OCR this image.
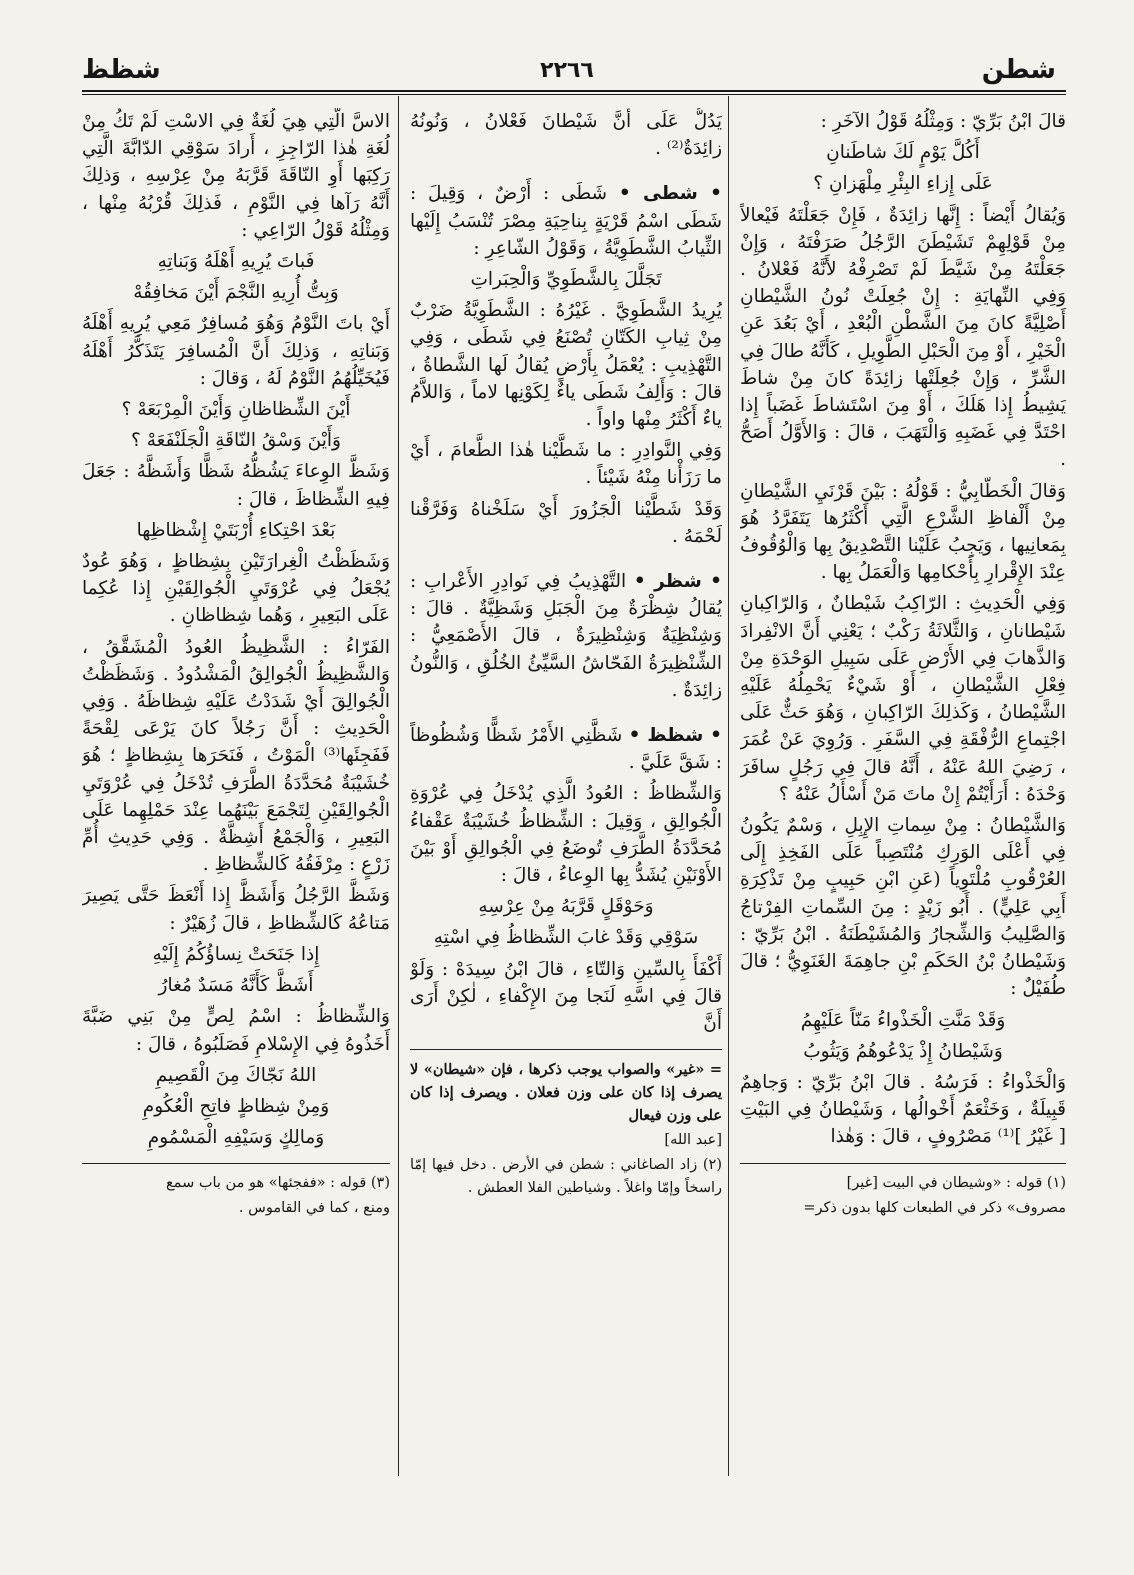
شطن
٢٢٦٦
شظظ

قالَ ابْنُ بَرِّيّ : وَمِثْلُهُ قَوْلُ الآخَرِ :

أَكُلَّ يَوْمٍ لَكَ شاطَنانِ

عَلَى إِزاءِ البِئْرِ مِلْهَزانِ ؟

وَيُقالُ أَيْضاً : إِنَّها زائِدَةٌ ، فَإِنْ جَعَلْتَهُ فَيْعالاً مِنْ قَوْلِهِمْ تَشَيْطَنَ الرَّجُلُ صَرَفْتَهُ ، وَإِنْ جَعَلْتَهُ مِنْ شَيَّطَ لَمْ تَصْرِفْهُ لأَنَّهُ فَعْلانُ . وَفِي النِّهايَةِ : إِنْ جُعِلَتْ نُونُ الشَّيْطانِ أَصْلِيَّةً كانَ مِنَ الشَّطْنِ الْبُعْدِ ، أَيْ بَعُدَ عَنِ الْخَيْرِ ، أَوْ مِنَ الْحَبْلِ الطَّوِيلِ ، كَأَنَّهُ طالَ فِي الشَّرِّ ، وَإِنْ جُعِلَتْها زائِدَةً كانَ مِنْ شاطَ يَشِيطُ إِذا هَلَكَ ، أَوْ مِنَ اسْتَشاطَ غَضَباً إِذا احْتَدَّ فِي غَضَبِهِ وَالْتَهَبَ ، قالَ : وَالأَوَّلُ أَصَحُّ .

وَقالَ الْخَطّابِيُّ : قَوْلُهُ : بَيْنَ قَرْنَيِ الشَّيْطانِ مِنْ أَلْفاظِ الشَّرْعِ الَّتِي أَكْثَرُها يَتَفَرَّدُ هُوَ بِمَعانِيها ، وَيَجِبُ عَلَيْنا التَّصْدِيقُ بِها وَالْوُقُوفُ عِنْدَ الإِقْرارِ بِأَحْكامِها وَالْعَمَلُ بِها .

وَفِي الْحَدِيثِ : الرّاكِبُ شَيْطانٌ ، وَالرّاكِبانِ شَيْطانانِ ، وَالثَّلاثَةُ رَكْبٌ ؛ يَعْنِي أَنَّ الانْفِرادَ وَالذَّهابَ فِي الأَرْضِ عَلَى سَبِيلِ الوَحْدَةِ مِنْ فِعْلِ الشَّيْطانِ ، أَوْ شَيْءٌ يَحْمِلُهُ عَلَيْهِ الشَّيْطانُ ، وَكَذلِكَ الرّاكِبانِ ، وَهُوَ حَثٌّ عَلَى اجْتِماعِ الرُّفْقَةِ فِي السَّفَرِ . وَرُوِيَ عَنْ عُمَرَ ، رَضِيَ اللهُ عَنْهُ ، أَنَّهُ قالَ فِي رَجُلٍ سافَرَ وَحْدَهُ : أَرَأَيْتُمْ إِنْ ماتَ مَنْ أَسْأَلُ عَنْهُ ؟

وَالشَّيْطانُ : مِنْ سِماتِ الإِبِلِ ، وَسْمٌ يَكُونُ فِي أَعْلَى الوَرِكِ مُنْتَصِباً عَلَى الفَخِذِ إِلَى العُرْقُوبِ مُلْتَوِياً (عَنِ ابْنِ حَبِيبٍ مِنْ تَذْكِرَةِ أَبِي عَلِيٍّ) . أَبُو زَيْدٍ : مِنَ السِّماتِ الفِرْتاجُ وَالصَّلِيبُ وَالشِّجارُ وَالمُشَيْطَنَةُ . ابْنُ بَرِّيّ : وَشَيْطانُ بْنُ الحَكَمِ بْنِ جاهِمَةَ الغَنَوِيُّ ؛ قالَ طُفَيْلٌ :

وَقَدْ مَنَّتِ الْخَذْواءُ مَنّاً عَلَيْهِمُ

وَشَيْطانُ إِذْ يَدْعُوهُمُ وَيَثُوبُ

وَالْخَذْواءُ : فَرَسُهُ . قالَ ابْنُ بَرِّيّ : وَجاهِمٌ قَبِيلَةٌ ، وَخَثْعَمٌ أَخْوالُها ، وَشَيْطانُ فِي البَيْتِ [ غَيْرُ ]⁽¹⁾ مَصْرُوفٍ ، قالَ : وَهٰذا

(١) قوله : «وشيطان في البيت [غير]

مصروف» ذكر في الطبعات كلها بدون ذكر=

يَدُلُّ عَلَى أَنَّ شَيْطانَ فَعْلانُ ، وَنُونُهُ زائِدَةٌ⁽²⁾ .

• شطى • شَطَى : أَرْضٌ ، وَقِيلَ : شَطَى اسْمُ قَرْيَةٍ بِناحِيَةِ مِصْرَ تُنْسَبُ إِلَيْها الثِّيابُ الشَّطَوِيَّةُ ، وَقَوْلُ الشّاعِرِ :

تَجَلَّلَ بِالشَّطَوِيِّ وَالْحِبَراتِ

يُرِيدُ الشَّطَوِيَّ . غَيْرُهُ : الشَّطَوِيَّةُ ضَرْبٌ مِنْ ثِيابِ الكَتّانِ تُصْنَعُ فِي شَطَى ، وَفِي التَّهْذِيبِ : يُعْمَلُ بِأَرْضٍ يُقالُ لَها الشَّطاةُ ، قالَ : وَأَلِفُ شَطَى ياءٌ لِكَوْنِها لاماً ، وَاللاَّمُ ياءٌ أَكْثَرُ مِنْها واواً .

وَفِي النَّوادِرِ : ما شَطَّيْنا هٰذا الطَّعامَ ، أَيْ ما رَزَأْنا مِنْهُ شَيْئاً .

وَقَدْ شَطَّيْنا الْجَزُورَ أَيْ سَلَخْناهُ وَفَرَّقْنا لَحْمَهُ .

• شظر • التَّهْذِيبُ فِي نَوادِرِ الأَعْرابِ : يُقالُ شِظْرَةٌ مِنَ الْجَبَلِ وَشَظِيَّةٌ . قالَ : وَشِنْظِيَةٌ وَشِنْظِيرَةٌ ، قالَ الأَصْمَعِيُّ : الشِّنْظِيرَةُ الفَحّاشُ السَّيِّئُ الخُلُقِ ، وَالنُّونُ زائِدَةٌ .

• شظظ • شَظَّنِي الأَمْرُ شَظًّا وَشُظُوظاً : شَقَّ عَلَيَّ .

وَالشِّظاظُ : العُودُ الَّذِي يُدْخَلُ فِي عُرْوَةِ الْجُوالِقِ ، وَقِيلَ : الشِّظاظُ خُشَيْبَةٌ عَقْفاءُ مُحَدَّدَةُ الطَّرَفِ تُوضَعُ فِي الْجُوالِقِ أَوْ بَيْنَ الأَوْنَيْنِ يُشَدُّ بِها الوِعاءُ ، قالَ :

وَحَوْقَلٍ قَرَّبَهُ مِنْ عِرْسِهِ

سَوْقِي وَقَدْ غابَ الشِّظاظُ فِي اسْتِهِ

أَكْفَأَ بِالسِّينِ وَالتّاءِ ، قالَ ابْنُ سِيدَهْ : وَلَوْ قالَ فِي اسَّهِ لَنَجا مِنَ الإِكْفاءِ ، لٰكِنْ أَرَى أَنَّ

= «غير» والصواب يوجب ذكرها ، فإن «شيطان» لا يصرف إذا كان على وزن فعلان . ويصرف إذا كان على وزن فيعال

[عبد الله]

(٢) زاد الصاغاني : شطن في الأرض . دخل فيها إمّا راسخاً وإمّا واغلاً . وشياطين الفلا العطش .

الاسَّ الَّتِي هِيَ لُغَةٌ فِي الاسْتِ لَمْ تَكُ مِنْ لُغَةِ هٰذا الرّاجِزِ ، أَرادَ سَوْقِي الدّابَّةَ الَّتِي رَكِبَها أَوِ النّاقَةَ قَرَّبَهُ مِنْ عِرْسِهِ ، وَذلِكَ أَنَّهُ رَآها فِي النَّوْمِ ، فَذلِكَ قُرْبُهُ مِنْها ، وَمِثْلُهُ قَوْلُ الرّاعِي :

فَباتَ يُرِيهِ أَهْلَهُ وَبَناتِهِ

وَبِتُّ أُرِيهِ النَّجْمَ أَيْنَ مَخافِقُهْ

أَيْ باتَ النَّوْمُ وَهُوَ مُسافِرٌ مَعِي يُرِيهِ أَهْلَهُ وَبَناتِهِ ، وَذلِكَ أَنَّ الْمُسافِرَ يَتَذَكَّرُ أَهْلَهُ فَيُخَيِّلُهُمُ النَّوْمُ لَهُ ، وَقالَ :

أَيْنَ الشِّظاظانِ وَأَيْنَ الْمِرْبَعَهْ ؟

وَأَيْنَ وَسْقُ النّاقَةِ الْجَلَنْفَعَهْ ؟

وَشَظَّ الوِعاءَ يَشُظُّهُ شَظًّا وَأَشَظَّهُ : جَعَلَ فِيهِ الشِّظاظَ ، قالَ :

بَعْدَ احْتِكاءِ أُرْبَتَيْ إِشْظاظِها

وَشَظَظْتُ الْغِرارَتَيْنِ بِشِظاظٍ ، وَهُوَ عُودٌ يُجْعَلُ فِي عُرْوَتَيِ الْجُوالِقَيْنِ إِذا عُكِما عَلَى البَعِيرِ ، وَهُما شِظاظانِ .

الفَرّاءُ : الشَّظِيظُ العُودُ الْمُشَقَّقُ ، وَالشَّظِيظُ الْجُوالِقُ الْمَشْدُودُ . وَشَظَظْتُ الْجُوالِقَ أَيْ شَدَدْتُ عَلَيْهِ شِظاظَهُ . وَفِي الْحَدِيثِ : أَنَّ رَجُلاً كانَ يَرْعَى لِقْحَةً فَفَجِئَها⁽³⁾ الْمَوْتُ ، فَنَحَرَها بِشِظاظٍ ؛ هُوَ خُشَيْبَةٌ مُحَدَّدَةُ الطَّرَفِ تُدْخَلُ فِي عُرْوَتَيِ الْجُوالِقَيْنِ لِتَجْمَعَ بَيْنَهُما عِنْدَ حَمْلِهِما عَلَى البَعِيرِ ، وَالْجَمْعُ أَشِظَّةٌ . وَفِي حَدِيثِ أُمِّ زَرْعٍ : مِرْفَقُهُ كَالشِّظاظِ .

وَشَظَّ الرَّجُلُ وَأَشَظَّ إِذا أَنْعَظَ حَتَّى يَصِيرَ مَتاعُهُ كَالشِّظاظِ ، قالَ زُهَيْرٌ :

إِذا جَنَحَتْ نِساؤُكُمُ إِلَيْهِ

أَشَظَّ كَأَنَّهُ مَسَدٌ مُغارُ

وَالشِّظاظُ : اسْمُ لِصٍّ مِنْ بَنِي ضَبَّةَ أَخَذُوهُ فِي الإِسْلامِ فَصَلَبُوهُ ، قالَ :

اللهُ نَجّاكَ مِنَ الْقَصِيمِ

وَمِنْ شِظاظٍ فاتِحِ الْعُكُومِ

وَمالِكٍ وَسَيْفِهِ الْمَسْمُومِ

(٣) قوله : «ففجئها» هو من باب سمع

ومنع ، كما في القاموس .
